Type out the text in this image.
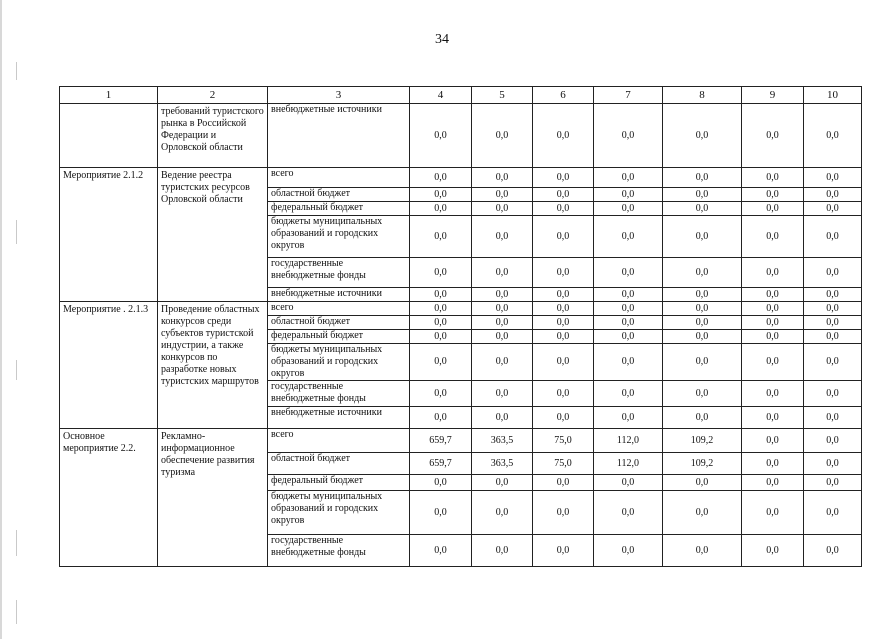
34
1	2	3	4	5	6	7	8	9	10
	требований туристского рынка в Российской Федерации и Орловской области	внебюджетные источники	0,0	0,0	0,0	0,0	0,0	0,0	0,0
Мероприятие 2.1.2	Ведение реестра туристских ресурсов Орловской области	всего	0,0	0,0	0,0	0,0	0,0	0,0	0,0
		областной бюджет	0,0	0,0	0,0	0,0	0,0	0,0	0,0
		федеральный бюджет	0,0	0,0	0,0	0,0	0,0	0,0	0,0
		бюджеты муниципальных образований и городских округов	0,0	0,0	0,0	0,0	0,0	0,0	0,0
		государственные внебюджетные фонды	0,0	0,0	0,0	0,0	0,0	0,0	0,0
		внебюджетные источники	0,0	0,0	0,0	0,0	0,0	0,0	0,0
Мероприятие . 2.1.3	Проведение областных конкурсов среди субъектов туристской индустрии, а также конкурсов по разработке новых туристских маршрутов	всего	0,0	0,0	0,0	0,0	0,0	0,0	0,0
		областной бюджет	0,0	0,0	0,0	0,0	0,0	0,0	0,0
		федеральный бюджет	0,0	0,0	0,0	0,0	0,0	0,0	0,0
		бюджеты муниципальных образований и городских округов	0,0	0,0	0,0	0,0	0,0	0,0	0,0
		государственные внебюджетные фонды	0,0	0,0	0,0	0,0	0,0	0,0	0,0
		внебюджетные источники	0,0	0,0	0,0	0,0	0,0	0,0	0,0
Основное мероприятие 2.2.	Рекламно-информационное обеспечение развития туризма	всего	659,7	363,5	75,0	112,0	109,2	0,0	0,0
		областной бюджет	659,7	363,5	75,0	112,0	109,2	0,0	0,0
		федеральный бюджет	0,0	0,0	0,0	0,0	0,0	0,0	0,0
		бюджеты муниципальных образований и городских округов	0,0	0,0	0,0	0,0	0,0	0,0	0,0
		государственные внебюджетные фонды	0,0	0,0	0,0	0,0	0,0	0,0	0,0
